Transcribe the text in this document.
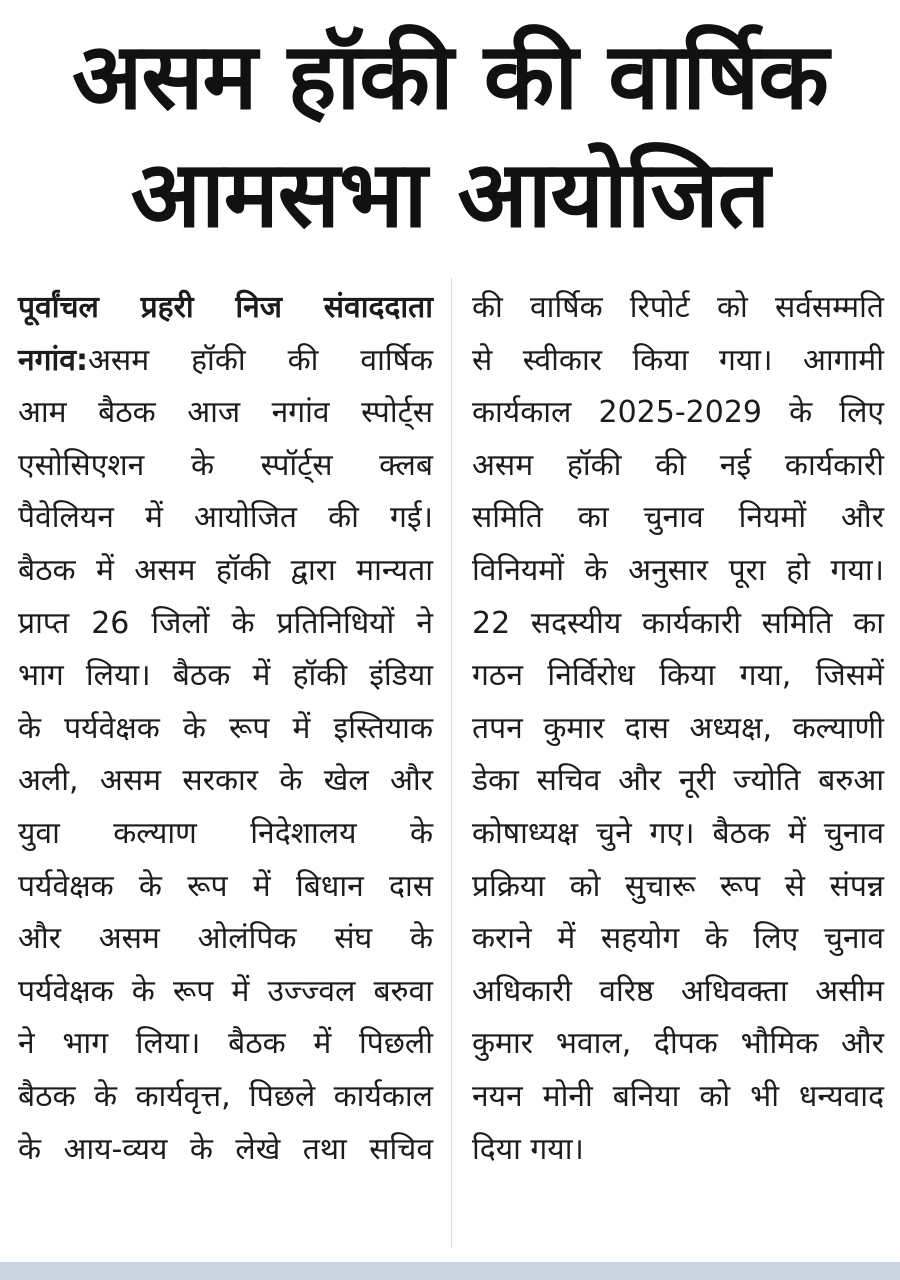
असम हॉकी की वार्षिक
आमसभा आयोजित
पूर्वांचल प्रहरी निज संवाददाता
नगांव:असम हॉकी की वार्षिक
आम बैठक आज नगांव स्पोर्ट्स
एसोसिएशन के स्पॉर्ट्स क्लब
पैवेलियन में आयोजित की गई।
बैठक में असम हॉकी द्वारा मान्यता
प्राप्त 26 जिलों के प्रतिनिधियों ने
भाग लिया। बैठक में हॉकी इंडिया
के पर्यवेक्षक के रूप में इस्तियाक
अली, असम सरकार के खेल और
युवा कल्याण निदेशालय के
पर्यवेक्षक के रूप में बिधान दास
और असम ओलंपिक संघ के
पर्यवेक्षक के रूप में उज्ज्वल बरुवा
ने भाग लिया। बैठक में पिछली
बैठक के कार्यवृत्त, पिछले कार्यकाल
के आय-व्यय के लेखे तथा सचिव
की वार्षिक रिपोर्ट को सर्वसम्मति
से स्वीकार किया गया। आगामी
कार्यकाल 2025-2029 के लिए
असम हॉकी की नई कार्यकारी
समिति का चुनाव नियमों और
विनियमों के अनुसार पूरा हो गया।
22 सदस्यीय कार्यकारी समिति का
गठन निर्विरोध किया गया, जिसमें
तपन कुमार दास अध्यक्ष, कल्याणी
डेका सचिव और नूरी ज्योति बरुआ
कोषाध्यक्ष चुने गए। बैठक में चुनाव
प्रक्रिया को सुचारू रूप से संपन्न
कराने में सहयोग के लिए चुनाव
अधिकारी वरिष्ठ अधिवक्ता असीम
कुमार भवाल, दीपक भौमिक और
नयन मोनी बनिया को भी धन्यवाद
दिया गया।
